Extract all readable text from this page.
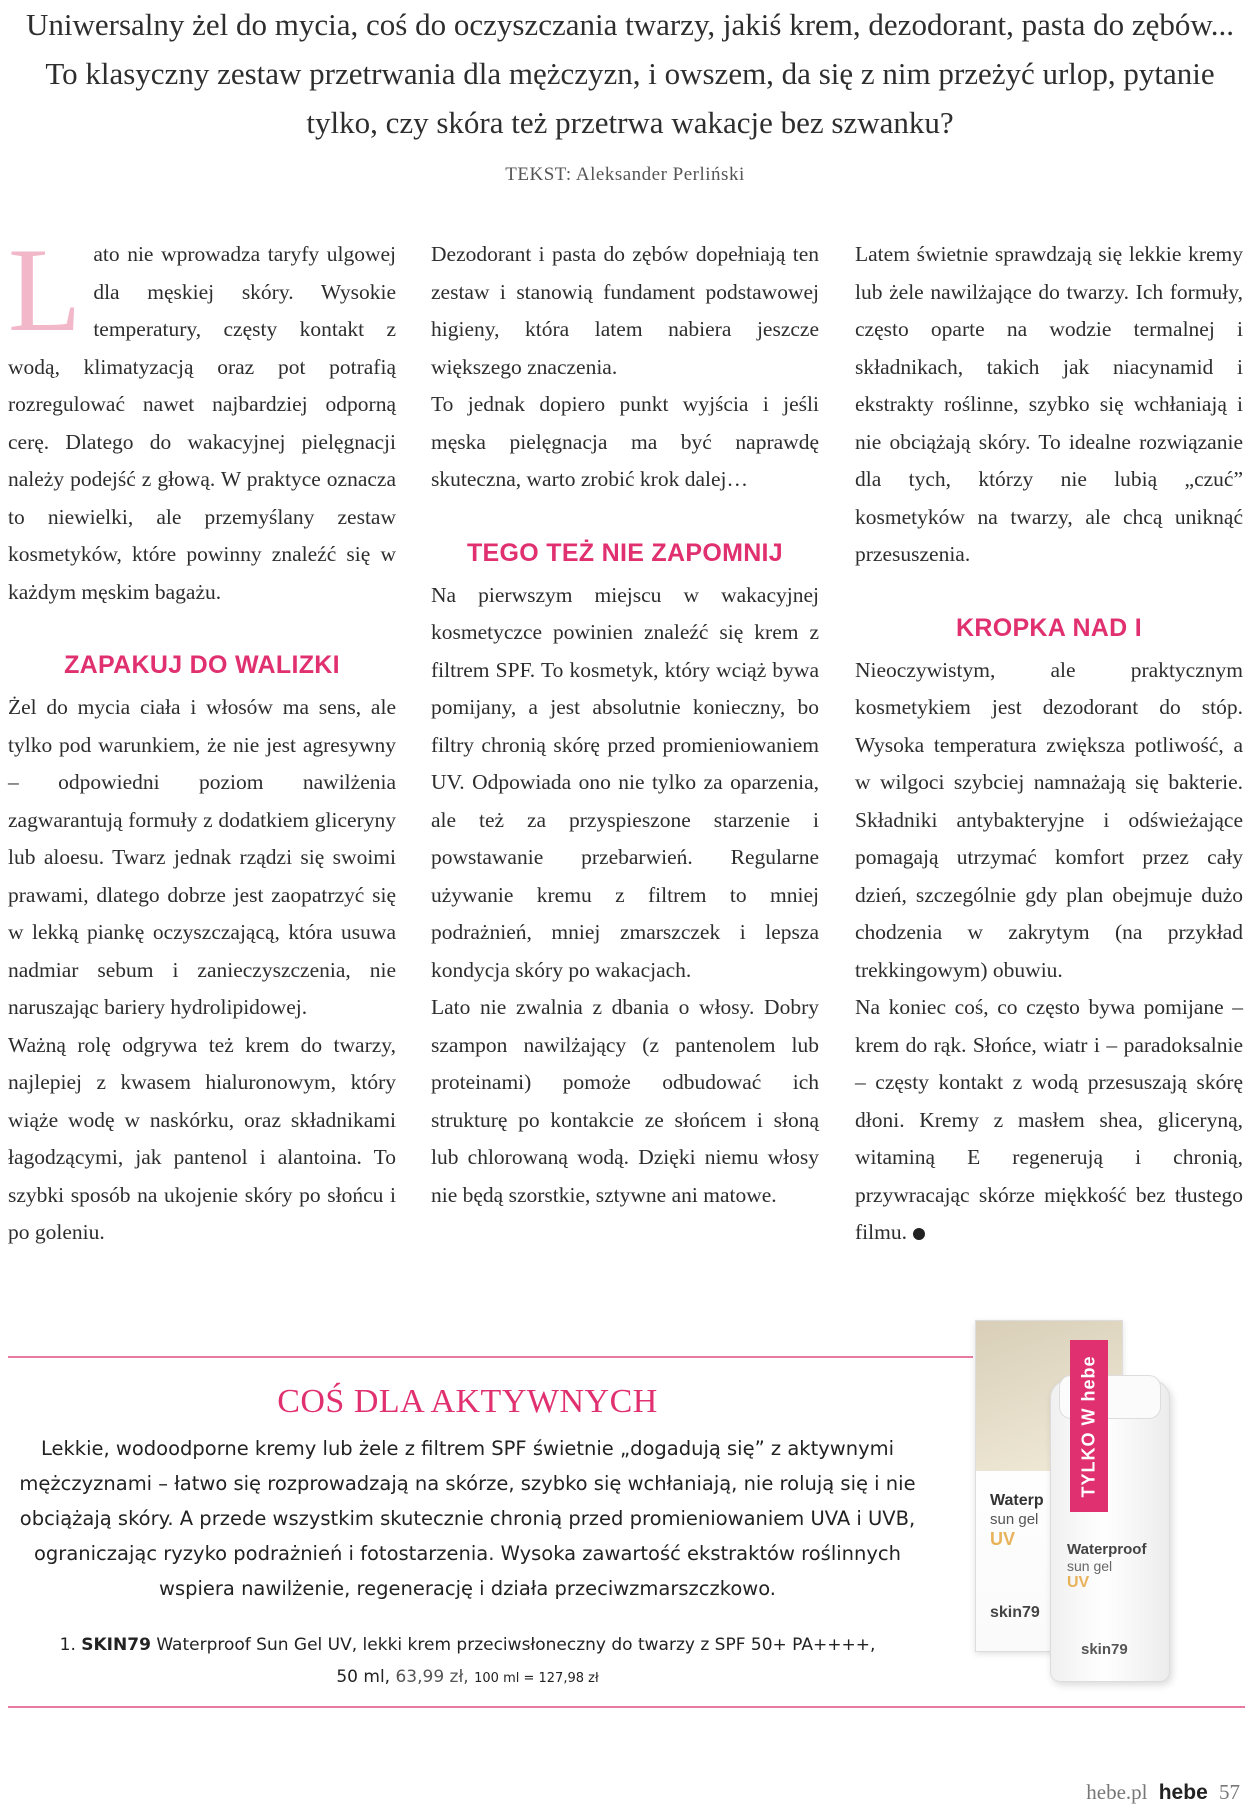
Uniwersalny żel do mycia, coś do oczyszczania twarzy, jakiś krem, dezodorant, pasta do zębów... To klasyczny zestaw przetrwania dla mężczyzn, i owszem, da się z nim przeżyć urlop, pytanie tylko, czy skóra też przetrwa wakacje bez szwanku?

TEKST: Aleksander Perliński

L ato nie wprowadza taryfy ulgowej dla męskiej skóry. Wysokie temperatury, częsty kontakt z wodą, klimatyzacją oraz pot potrafią rozregulować nawet najbardziej odporną cerę. Dlatego do wakacyjnej pielęgnacji należy podejść z głową. W praktyce oznacza to niewielki, ale przemyślany zestaw kosmetyków, które powinny znaleźć się w każdym męskim bagażu.

ZAPAKUJ DO WALIZKI

Żel do mycia ciała i włosów ma sens, ale tylko pod warunkiem, że nie jest agresywny – odpowiedni poziom nawilżenia zagwarantują formuły z dodatkiem gliceryny lub aloesu. Twarz jednak rządzi się swoimi prawami, dlatego dobrze jest zaopatrzyć się w lekką piankę oczyszczającą, która usuwa nadmiar sebum i zanieczyszczenia, nie naruszając bariery hydrolipidowej.

Ważną rolę odgrywa też krem do twarzy, najlepiej z kwasem hialuronowym, który wiąże wodę w naskórku, oraz składnikami łagodzącymi, jak pantenol i alantoina. To szybki sposób na ukojenie skóry po słońcu i po goleniu.

Dezodorant i pasta do zębów dopełniają ten zestaw i stanowią fundament podstawowej higieny, która latem nabiera jeszcze większego znaczenia.

To jednak dopiero punkt wyjścia i jeśli męska pielęgnacja ma być naprawdę skuteczna, warto zrobić krok dalej…

TEGO TEŻ NIE ZAPOMNIJ

Na pierwszym miejscu w wakacyjnej kosmetyczce powinien znaleźć się krem z filtrem SPF. To kosmetyk, który wciąż bywa pomijany, a jest absolutnie konieczny, bo filtry chronią skórę przed promieniowaniem UV. Odpowiada ono nie tylko za oparzenia, ale też za przyspieszone starzenie i powstawanie przebarwień. Regularne używanie kremu z filtrem to mniej podrażnień, mniej zmarszczek i lepsza kondycja skóry po wakacjach.

Lato nie zwalnia z dbania o włosy. Dobry szampon nawilżający (z pantenolem lub proteinami) pomoże odbudować ich strukturę po kontakcie ze słońcem i słoną lub chlorowaną wodą. Dzięki niemu włosy nie będą szorstkie, sztywne ani matowe.

Latem świetnie sprawdzają się lekkie kremy lub żele nawilżające do twarzy. Ich formuły, często oparte na wodzie termalnej i składnikach, takich jak niacynamid i ekstrakty roślinne, szybko się wchłaniają i nie obciążają skóry. To idealne rozwiązanie dla tych, którzy nie lubią „czuć” kosmetyków na twarzy, ale chcą uniknąć przesuszenia.

KROPKA NAD I

Nieoczywistym, ale praktycznym kosmetykiem jest dezodorant do stóp. Wysoka temperatura zwiększa potliwość, a w wilgoci szybciej namnażają się bakterie. Składniki antybakteryjne i odświeżające pomagają utrzymać komfort przez cały dzień, szczególnie gdy plan obejmuje dużo chodzenia w zakrytym (na przykład trekkingowym) obuwiu.

Na koniec coś, co często bywa pomijane – krem do rąk. Słońce, wiatr i – paradoksalnie – częsty kontakt z wodą przesuszają skórę dłoni. Kremy z masłem shea, gliceryną, witaminą E regenerują i chronią, przywracając skórze miękkość bez tłustego filmu.

COŚ DLA AKTYWNYCH

Lekkie, wodoodporne kremy lub żele z filtrem SPF świetnie „dogadują się” z aktywnymi mężczyznami – łatwo się rozprowadzają na skórze, szybko się wchłaniają, nie rolują się i nie obciążają skóry. A przede wszystkim skutecznie chronią przed promieniowaniem UVA i UVB, ograniczając ryzyko podrażnień i fotostarzenia. Wysoka zawartość ekstraktów roślinnych wspiera nawilżenie, regenerację i działa przeciwzmarszczkowo.

1. SKIN79 Waterproof Sun Gel UV, lekki krem przeciwsłoneczny do twarzy z SPF 50+ PA++++,
50 ml, 63,99 zł, 100 ml = 127,98 zł

Waterp
sun gel
UV
skin79
Waterproof
sun gel
UV
skin79
TYLKO W hebe
hebe.pl hebe 57
